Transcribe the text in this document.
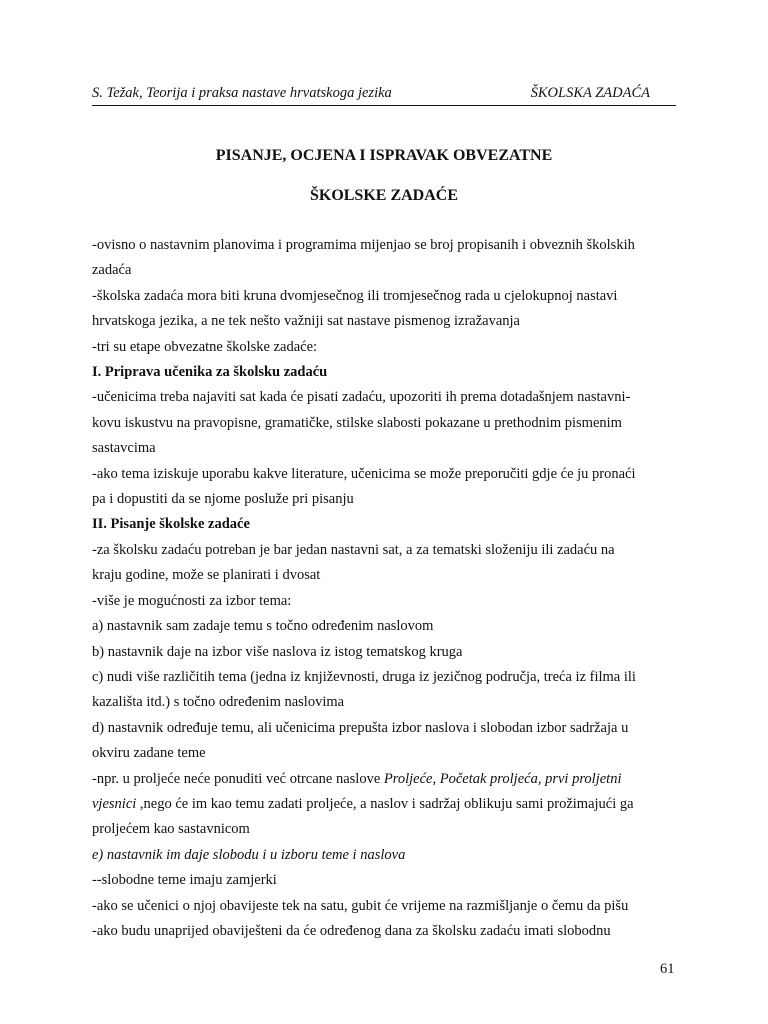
S. Težak, Teorija i praksa nastave hrvatskoga jezika	ŠKOLSKA ZADAĆA
PISANJE, OCJENA I ISPRAVAK OBVEZATNE
ŠKOLSKE ZADAĆE
-ovisno o nastavnim planovima i programima mijenjao se broj propisanih i obveznih školskih
zadaća
-školska zadaća mora biti kruna dvomjesečnog ili tromjesečnog rada u cjelokupnoj nastavi
hrvatskoga jezika, a ne tek nešto važniji sat nastave pismenog izražavanja
-tri su etape obvezatne školske zadaće:
I. Priprava učenika za školsku zadaću
-učenicima treba najaviti sat kada će pisati zadaću, upozoriti ih prema dotadašnjem nastavni-
kovu iskustvu na pravopisne, gramatičke, stilske slabosti pokazane u prethodnim pismenim
sastavcima
-ako tema iziskuje uporabu kakve literature, učenicima se može preporučiti gdje će ju pronaći
pa i dopustiti da se njome posluže pri pisanju
II. Pisanje školske zadaće
-za školsku zadaću potreban je bar jedan nastavni sat, a za tematski složeniju ili zadaću na
kraju godine, može se planirati i dvosat
-više je mogućnosti za izbor tema:
a) nastavnik sam zadaje temu s točno određenim naslovom
b) nastavnik daje na izbor više naslova iz istog tematskog kruga
c) nudi više različitih tema (jedna iz književnosti, druga iz jezičnog područja, treća iz filma ili
kazališta itd.) s točno određenim naslovima
d) nastavnik određuje temu, ali učenicima prepušta izbor naslova i slobodan izbor sadržaja u
okviru zadane teme
-npr. u proljeće neće ponuditi već otrcane naslove Proljeće, Početak proljeća, prvi proljetni
vjesnici ,nego će im kao temu zadati proljeće, a naslov i sadržaj oblikuju sami prožimajući ga
proljećem kao sastavnicom
e) nastavnik im daje slobodu i u izboru teme i naslova
--slobodne teme imaju zamjerki
-ako se učenici o njoj obavijeste tek na satu, gubit će vrijeme na razmišljanje o čemu da pišu
-ako budu unaprijed obaviješteni da će određenog dana za školsku zadaću imati slobodnu
61
